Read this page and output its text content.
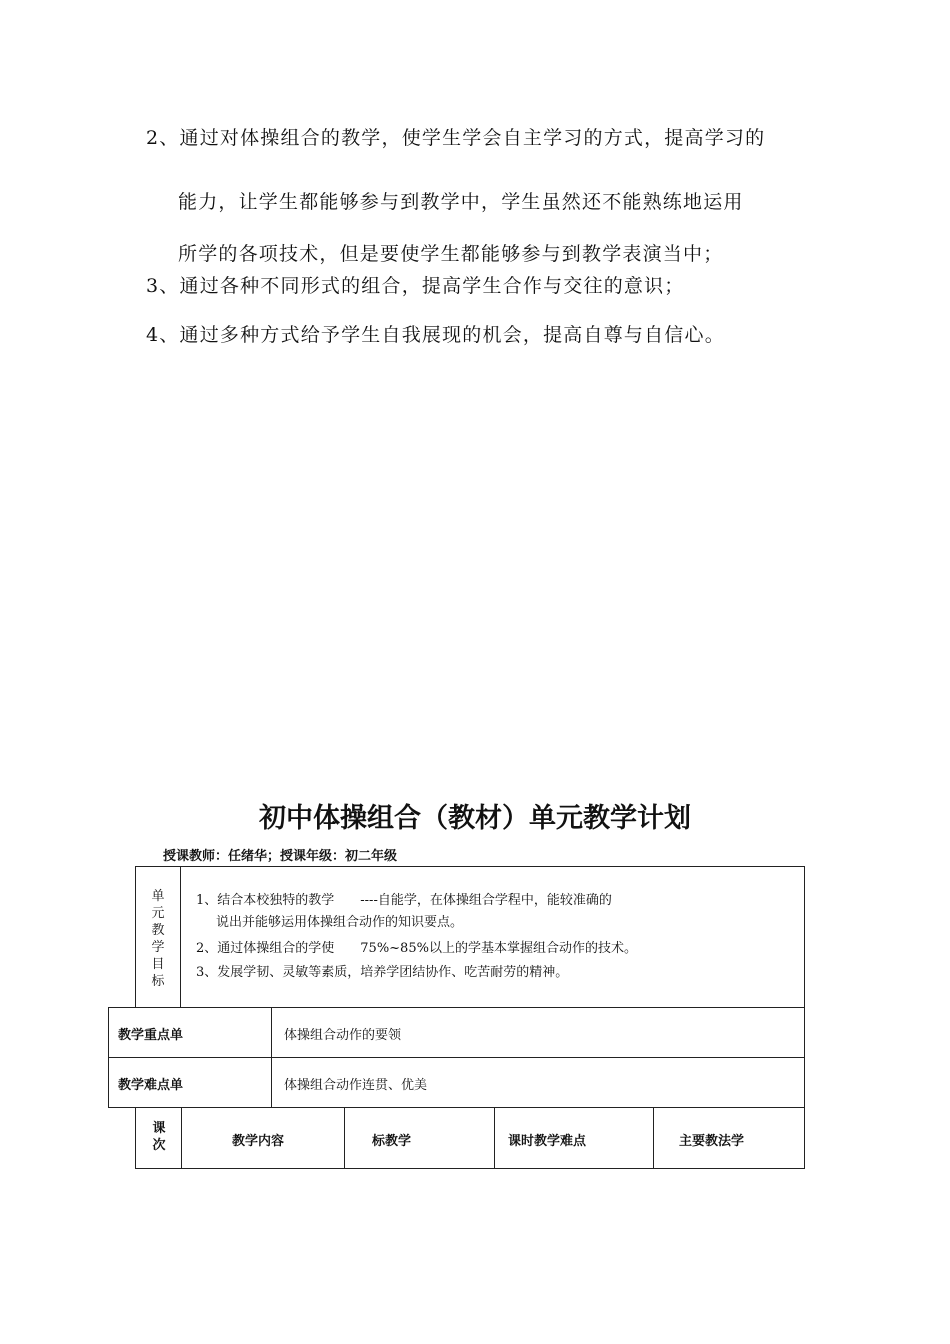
2、通过对体操组合的教学，使学生学会自主学习的方式，提高学习的
能力，让学生都能够参与到教学中，学生虽然还不能熟练地运用
所学的各项技术，但是要使学生都能够参与到教学表演当中；
3、通过各种不同形式的组合，提高学生合作与交往的意识；
4、通过多种方式给予学生自我展现的机会，提高自尊与自信心。
初中体操组合（教材）单元教学计划
授课教师：任绪华；授课年级：初二年级
单元教学目标
1、结合本校独特的教学　　----自能学，在体操组合学程中，能较准确的
说出并能够运用体操组合动作的知识要点。
2、通过体操组合的学使　　75%~85%以上的学基本掌握组合动作的技术。
3、发展学韧、灵敏等素质，培养学团结协作、吃苦耐劳的精神。
教学重点单	体操组合动作的要领
教学难点单	体操组合动作连贯、优美
课次	教学内容	标教学	课时教学难点	主要教法学
